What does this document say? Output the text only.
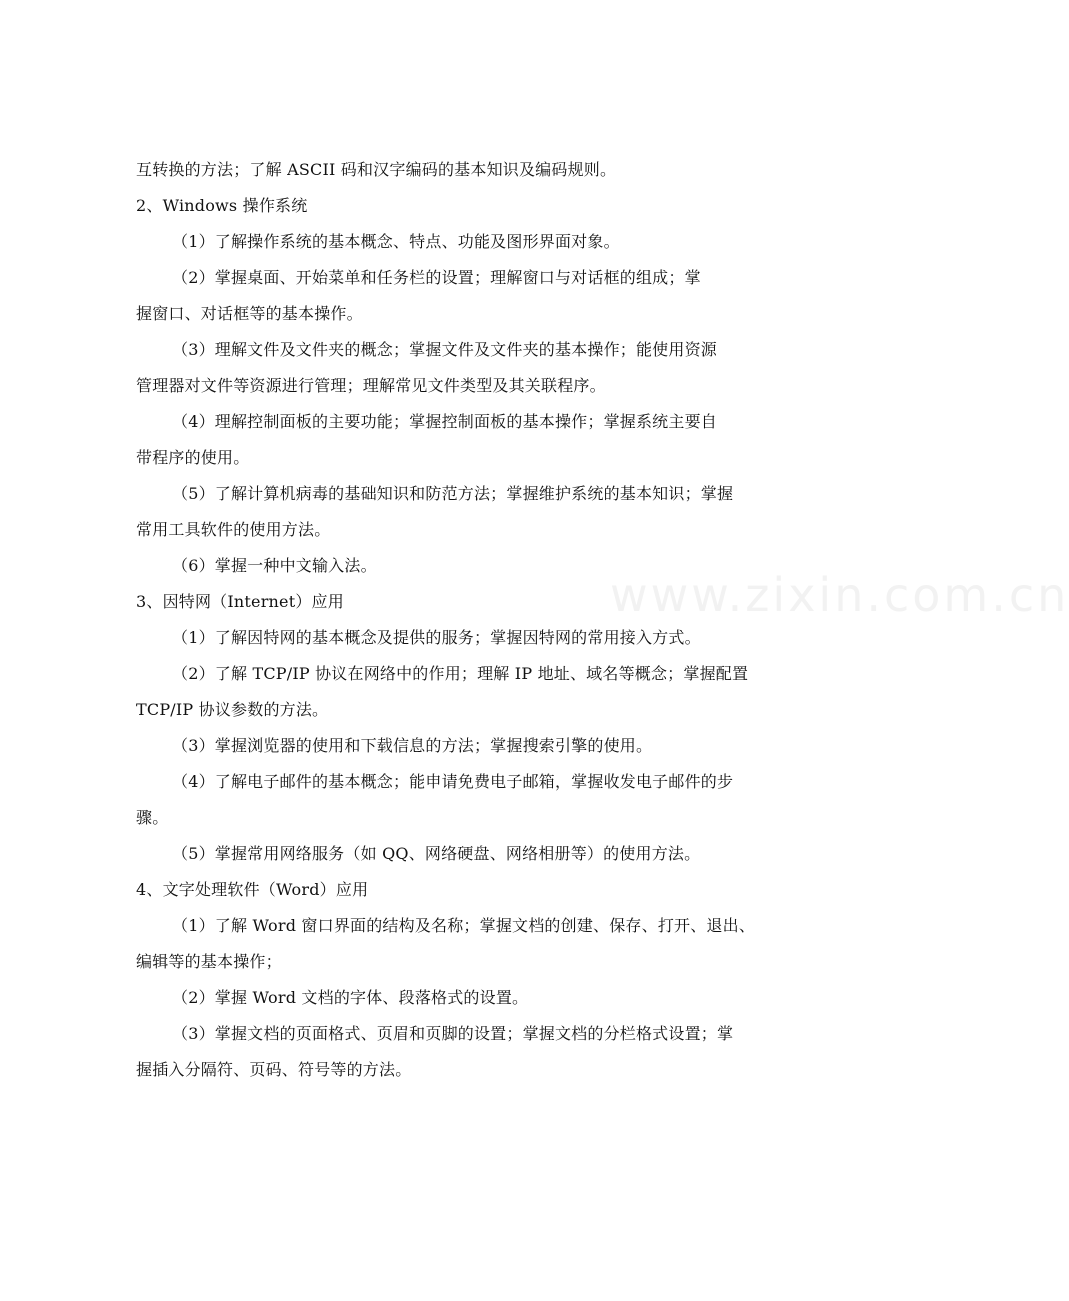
www.zixin.com.cn
互转换的方法；了解 ASCII 码和汉字编码的基本知识及编码规则。
2、Windows 操作系统
（1）了解操作系统的基本概念、特点、功能及图形界面对象。
（2）掌握桌面、开始菜单和任务栏的设置；理解窗口与对话框的组成；掌
握窗口、对话框等的基本操作。
（3）理解文件及文件夹的概念；掌握文件及文件夹的基本操作；能使用资源
管理器对文件等资源进行管理；理解常见文件类型及其关联程序。
（4）理解控制面板的主要功能；掌握控制面板的基本操作；掌握系统主要自
带程序的使用。
（5）了解计算机病毒的基础知识和防范方法；掌握维护系统的基本知识；掌握
常用工具软件的使用方法。
（6）掌握一种中文输入法。
3、因特网（Internet）应用
（1）了解因特网的基本概念及提供的服务；掌握因特网的常用接入方式。
（2）了解 TCP/IP 协议在网络中的作用；理解 IP 地址、域名等概念；掌握配置
TCP/IP 协议参数的方法。
（3）掌握浏览器的使用和下载信息的方法；掌握搜索引擎的使用。
（4）了解电子邮件的基本概念；能申请免费电子邮箱，掌握收发电子邮件的步
骤。
（5）掌握常用网络服务（如 QQ、网络硬盘、网络相册等）的使用方法。
4、文字处理软件（Word）应用
（1）了解 Word 窗口界面的结构及名称；掌握文档的创建、保存、打开、退出、
编辑等的基本操作；
（2）掌握 Word 文档的字体、段落格式的设置。
（3）掌握文档的页面格式、页眉和页脚的设置；掌握文档的分栏格式设置；掌
握插入分隔符、页码、符号等的方法。
